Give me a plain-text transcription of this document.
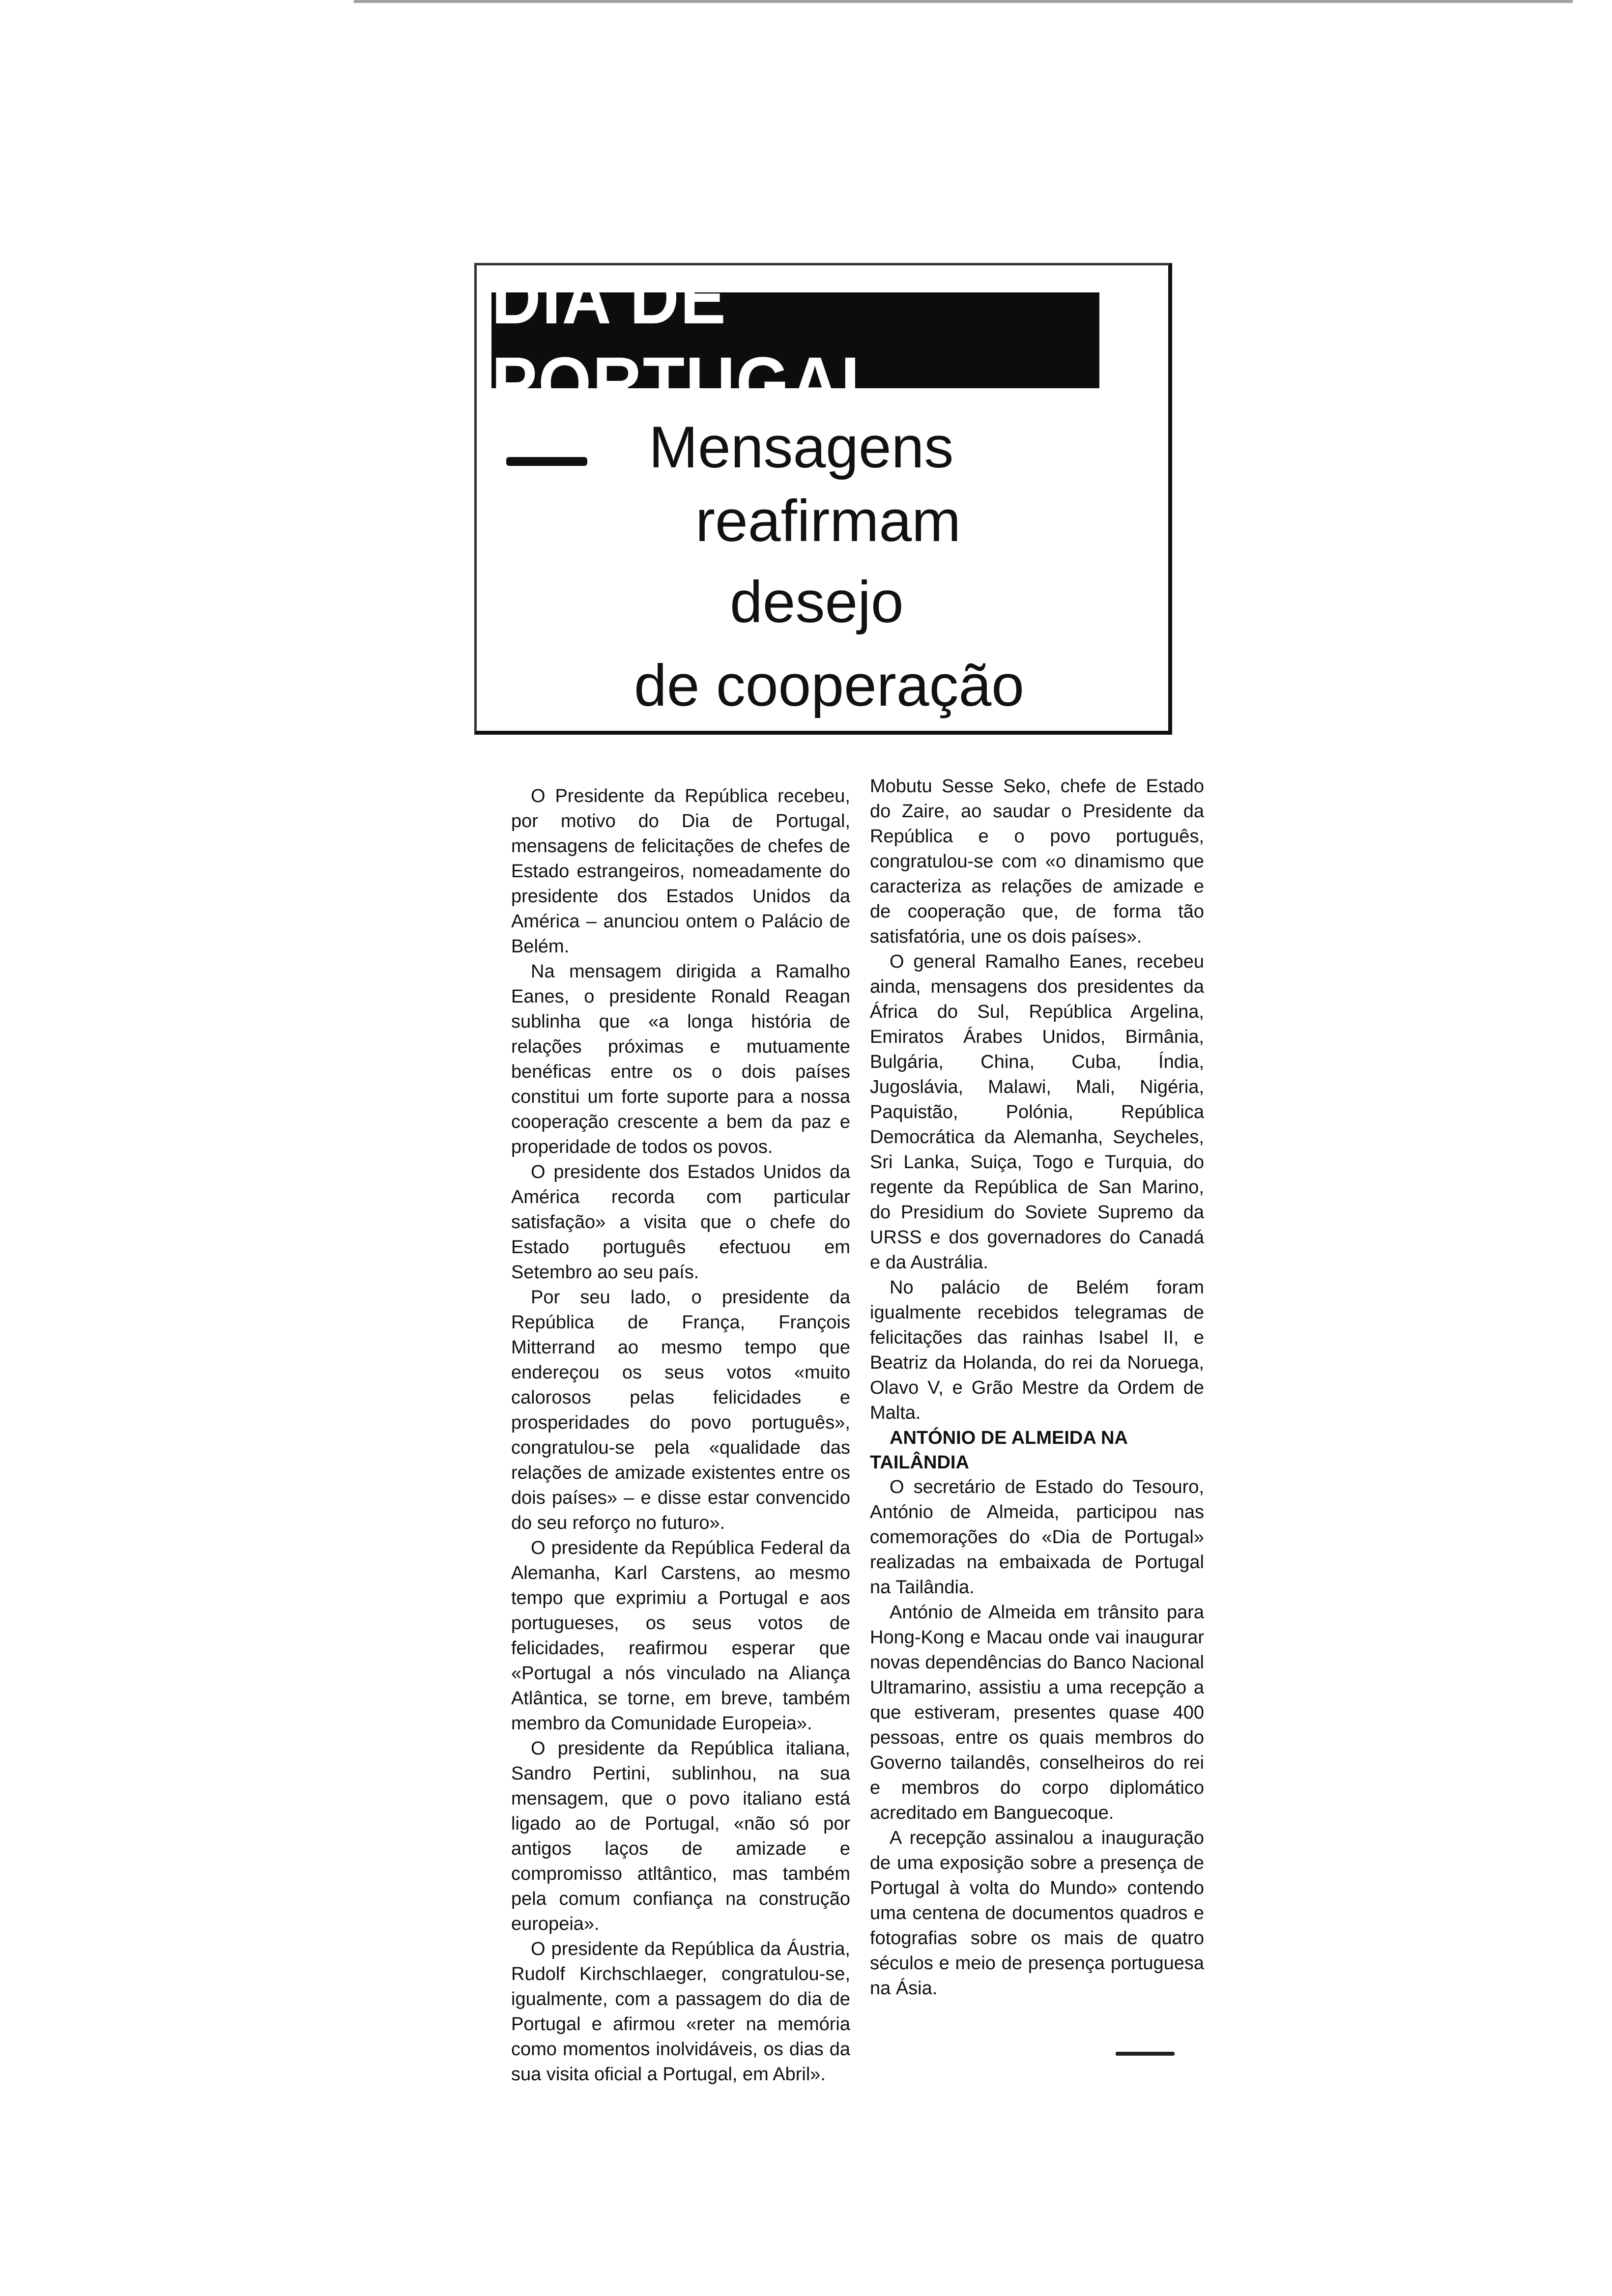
DIA DE PORTUGAL
Mensagens
reafirmam
desejo
de cooperação

O Presidente da República recebeu, por motivo do Dia de Portugal, mensagens de felicitações de chefes de Estado estrangeiros, nomeadamente do presidente dos Estados Unidos da América – anunciou ontem o Palácio de Belém.

Na mensagem dirigida a Ramalho Eanes, o presidente Ronald Reagan sublinha que «a longa história de relações próximas e mutuamente benéficas entre os o dois países constitui um forte suporte para a nossa cooperação crescente a bem da paz e properidade de todos os povos.

O presidente dos Estados Unidos da América recorda com particular satisfação» a visita que o chefe do Estado português efectuou em Setembro ao seu país.

Por seu lado, o presidente da República de França, François Mitterrand ao mesmo tempo que endereçou os seus votos «muito calorosos pelas felicidades e prosperidades do povo português», congratulou-se pela «qualidade das relações de amizade existentes entre os dois países» – e disse estar convencido do seu reforço no futuro».

O presidente da República Federal da Alemanha, Karl Carstens, ao mesmo tempo que exprimiu a Portugal e aos portugueses, os seus votos de felicidades, reafirmou esperar que «Portugal a nós vinculado na Aliança Atlântica, se torne, em breve, também membro da Comunidade Europeia».

O presidente da República italiana, Sandro Pertini, sublinhou, na sua mensagem, que o povo italiano está ligado ao de Portugal, «não só por antigos laços de amizade e compromisso atltântico, mas também pela comum confiança na construção europeia».

O presidente da República da Áustria, Rudolf Kirchschlaeger, congratulou-se, igualmente, com a passagem do dia de Portugal e afirmou «reter na memória como momentos inolvidáveis, os dias da sua visita oficial a Portugal, em Abril».

Mobutu Sesse Seko, chefe de Estado do Zaire, ao saudar o Presidente da República e o povo português, congratulou-se com «o dinamismo que caracteriza as relações de amizade e de cooperação que, de forma tão satisfatória, une os dois países».

O general Ramalho Eanes, recebeu ainda, mensagens dos presidentes da África do Sul, República Argelina, Emiratos Árabes Unidos, Birmânia, Bulgária, China, Cuba, Índia, Jugoslávia, Malawi, Mali, Nigéria, Paquistão, Polónia, República Democrática da Alemanha, Seycheles, Sri Lanka, Suiça, Togo e Turquia, do regente da República de San Marino, do Presidium do Soviete Supremo da URSS e dos governadores do Canadá e da Austrália.

No palácio de Belém foram igualmente recebidos telegramas de felicitações das rainhas Isabel II, e Beatriz da Holanda, do rei da Noruega, Olavo V, e Grão Mestre da Ordem de Malta.

ANTÓNIO DE ALMEIDA NA TAILÂNDIA

O secretário de Estado do Tesouro, António de Almeida, participou nas comemorações do «Dia de Portugal» realizadas na embaixada de Portugal na Tailândia.

António de Almeida em trânsito para Hong-Kong e Macau onde vai inaugurar novas dependências do Banco Nacional Ultramarino, assistiu a uma recepção a que estiveram, presentes quase 400 pessoas, entre os quais membros do Governo tailandês, conselheiros do rei e membros do corpo diplomático acreditado em Banguecoque.

A recepção assinalou a inauguração de uma exposição sobre a presença de Portugal à volta do Mundo» contendo uma centena de documentos quadros e fotografias sobre os mais de quatro séculos e meio de presença portuguesa na Ásia.
